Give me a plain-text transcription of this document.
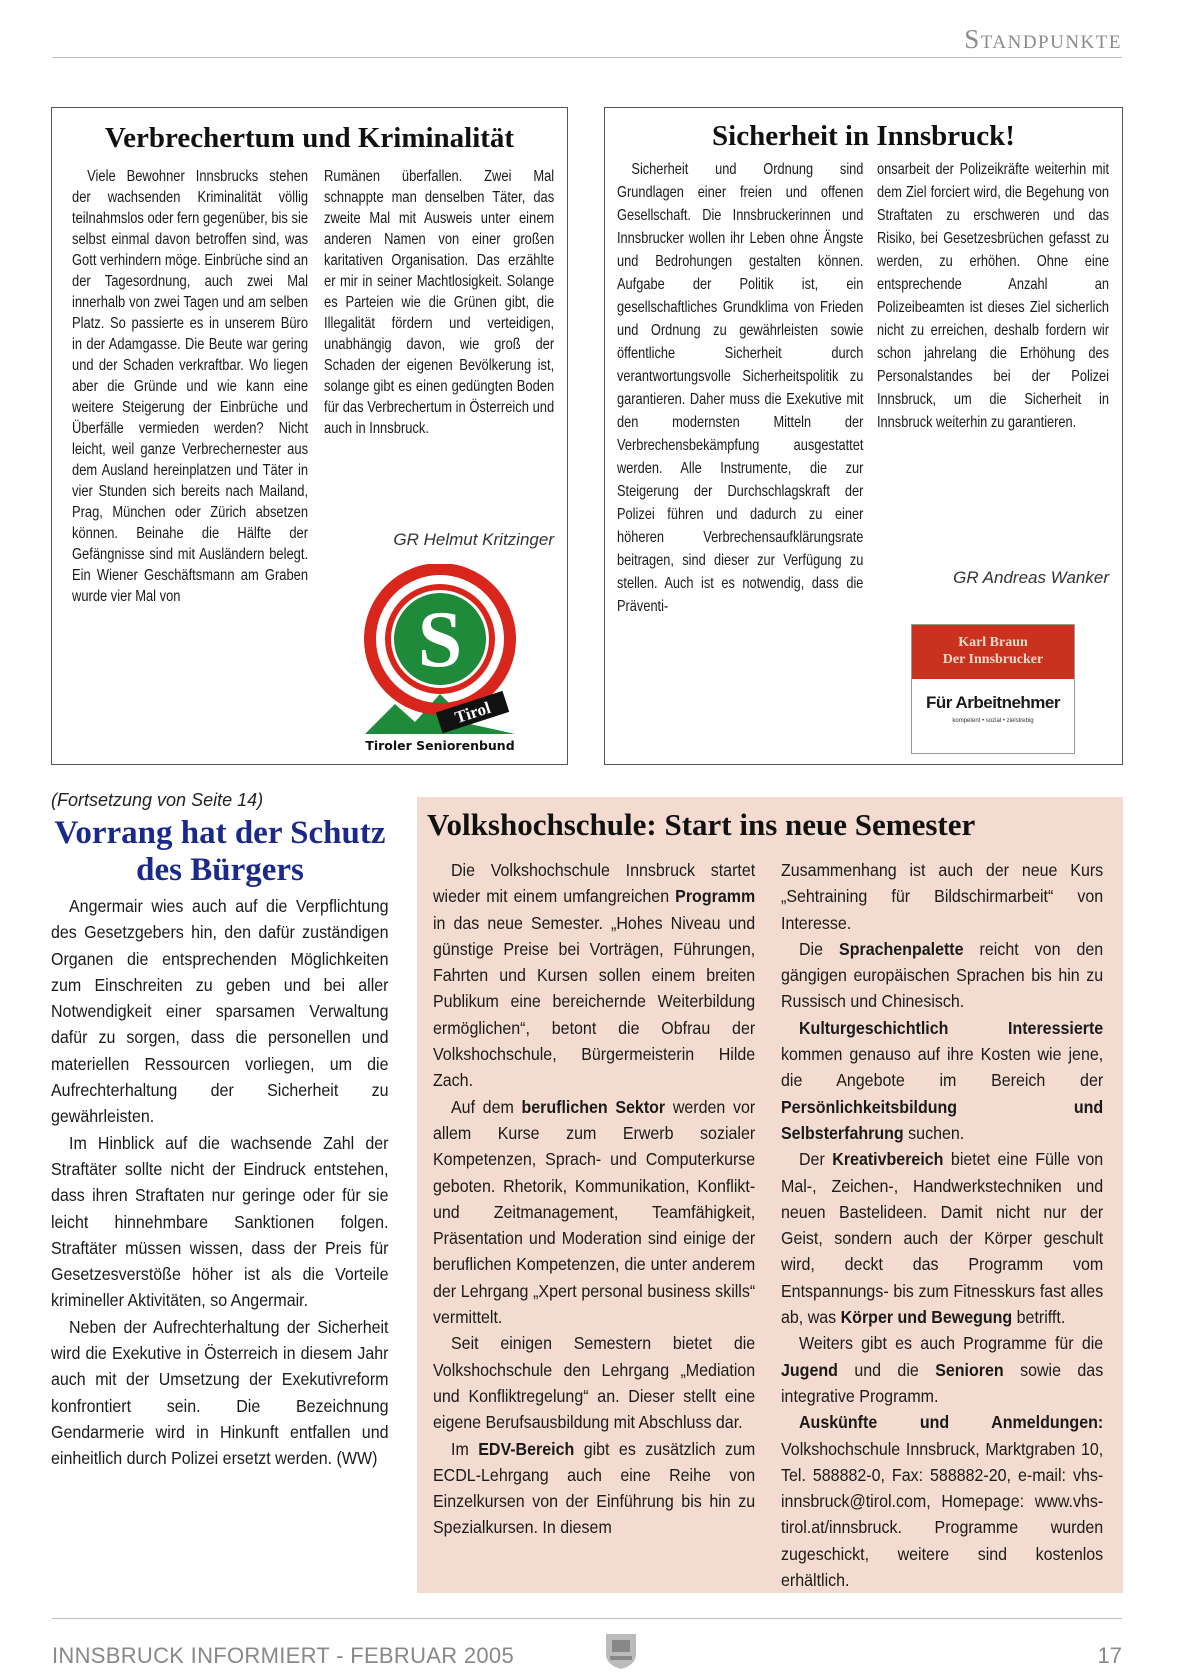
Standpunkte
Verbrechertum und Kriminalität

Viele Bewohner Innsbrucks stehen der wachsenden Kriminalität völlig teilnahmslos oder fern gegenüber, bis sie selbst einmal davon betroffen sind, was Gott verhindern möge. Einbrüche sind an der Tagesordnung, auch zwei Mal innerhalb von zwei Tagen und am selben Platz. So passierte es in unserem Büro in der Adamgasse. Die Beute war gering und der Schaden verkraftbar. Wo liegen aber die Gründe und wie kann eine weitere Steigerung der Einbrüche und Überfälle vermieden werden? Nicht leicht, weil ganze Verbrechernester aus dem Ausland hereinplatzen und Täter in vier Stunden sich bereits nach Mailand, Prag, München oder Zürich absetzen können. Beinahe die Hälfte der Gefängnisse sind mit Ausländern belegt. Ein Wiener Geschäftsmann am Graben wurde vier Mal von

Rumänen überfallen. Zwei Mal schnappte man denselben Täter, das zweite Mal mit Ausweis unter einem anderen Namen von einer großen karitativen Organisation. Das erzählte er mir in seiner Machtlosigkeit. Solange es Parteien wie die Grünen gibt, die Illegalität fördern und verteidigen, unabhängig davon, wie groß der Schaden der eigenen Bevölkerung ist, solange gibt es einen gedüngten Boden für das Verbrechertum in Österreich und auch in Innsbruck.

GR Helmut Kritzinger
S
Tirol
Tiroler Seniorenbund
Sicherheit in Innsbruck!

Sicherheit und Ordnung sind Grundlagen einer freien und offenen Gesellschaft. Die Innsbruckerinnen und Innsbrucker wollen ihr Leben ohne Ängste und Bedrohungen gestalten können. Aufgabe der Politik ist, ein gesellschaftliches Grundklima von Frieden und Ordnung zu gewährleisten sowie öffentliche Sicherheit durch verantwortungsvolle Sicherheitspolitik zu garantieren. Daher muss die Exekutive mit den modernsten Mitteln der Verbrechensbekämpfung ausgestattet werden. Alle Instrumente, die zur Steigerung der Durchschlagskraft der Polizei führen und dadurch zu einer höheren Verbrechensaufklärungsrate beitragen, sind dieser zur Verfügung zu stellen. Auch ist es notwendig, dass die Präventi-

onsarbeit der Polizeikräfte weiterhin mit dem Ziel forciert wird, die Begehung von Straftaten zu erschweren und das Risiko, bei Gesetzesbrüchen gefasst zu werden, zu erhöhen. Ohne eine entsprechende Anzahl an Polizeibeamten ist dieses Ziel sicherlich nicht zu erreichen, deshalb fordern wir schon jahrelang die Erhöhung des Personalstandes bei der Polizei Innsbruck, um die Sicherheit in Innsbruck weiterhin zu garantieren.

GR Andreas Wanker
Karl Braun
Der Innsbrucker
Für Arbeitnehmer
kompetent • sozial • zielstrebig
(Fortsetzung von Seite 14)
Vorrang hat der Schutz des Bürgers

Angermair wies auch auf die Verpflichtung des Gesetzgebers hin, den dafür zuständigen Organen die entsprechenden Möglichkeiten zum Einschreiten zu geben und bei aller Notwendigkeit einer sparsamen Verwaltung dafür zu sorgen, dass die personellen und materiellen Ressourcen vorliegen, um die Aufrechterhaltung der Sicherheit zu gewährleisten.

Im Hinblick auf die wachsende Zahl der Straftäter sollte nicht der Eindruck entstehen, dass ihren Straftaten nur geringe oder für sie leicht hinnehmbare Sanktionen folgen. Straftäter müssen wissen, dass der Preis für Gesetzesverstöße höher ist als die Vorteile krimineller Aktivitäten, so Angermair.

Neben der Aufrechterhaltung der Sicherheit wird die Exekutive in Österreich in diesem Jahr auch mit der Umsetzung der Exekutivreform konfrontiert sein. Die Bezeichnung Gendarmerie wird in Hinkunft entfallen und einheitlich durch Polizei ersetzt werden. (WW)

Volkshochschule: Start ins neue Semester

Die Volkshochschule Innsbruck startet wieder mit einem umfangreichen Programm in das neue Semester. „Hohes Niveau und günstige Preise bei Vorträgen, Führungen, Fahrten und Kursen sollen einem breiten Publikum eine bereichernde Weiterbildung ermöglichen“, betont die Obfrau der Volkshochschule, Bürgermeisterin Hilde Zach.

Auf dem beruflichen Sektor werden vor allem Kurse zum Erwerb sozialer Kompetenzen, Sprach- und Computerkurse geboten. Rhetorik, Kommunikation, Konflikt- und Zeitmanagement, Teamfähigkeit, Präsentation und Moderation sind einige der beruflichen Kompetenzen, die unter anderem der Lehrgang „Xpert personal business skills“ vermittelt.

Seit einigen Semestern bietet die Volkshochschule den Lehrgang „Mediation und Konfliktregelung“ an. Dieser stellt eine eigene Berufsausbildung mit Abschluss dar.

Im EDV-Bereich gibt es zusätzlich zum ECDL-Lehrgang auch eine Reihe von Einzelkursen von der Einführung bis hin zu Spezialkursen. In diesem

Zusammenhang ist auch der neue Kurs „Sehtraining für Bildschirmarbeit“ von Interesse.

Die Sprachenpalette reicht von den gängigen europäischen Sprachen bis hin zu Russisch und Chinesisch.

Kulturgeschichtlich Interessierte kommen genauso auf ihre Kosten wie jene, die Angebote im Bereich der Persönlichkeitsbildung und Selbsterfahrung suchen.

Der Kreativbereich bietet eine Fülle von Mal-, Zeichen-, Handwerkstechniken und neuen Bastelideen. Damit nicht nur der Geist, sondern auch der Körper geschult wird, deckt das Programm vom Entspannungs- bis zum Fitnesskurs fast alles ab, was Körper und Bewegung betrifft.

Weiters gibt es auch Programme für die Jugend und die Senioren sowie das integrative Programm.

Auskünfte und Anmeldungen: Volkshochschule Innsbruck, Marktgraben 10, Tel. 588882-0, Fax: 588882-20, e-mail: vhs-innsbruck@tirol.com, Homepage: www.vhs-tirol.at/innsbruck. Programme wurden zugeschickt, weitere sind kostenlos erhältlich.

INNSBRUCK INFORMIERT - FEBRUAR 2005	17
